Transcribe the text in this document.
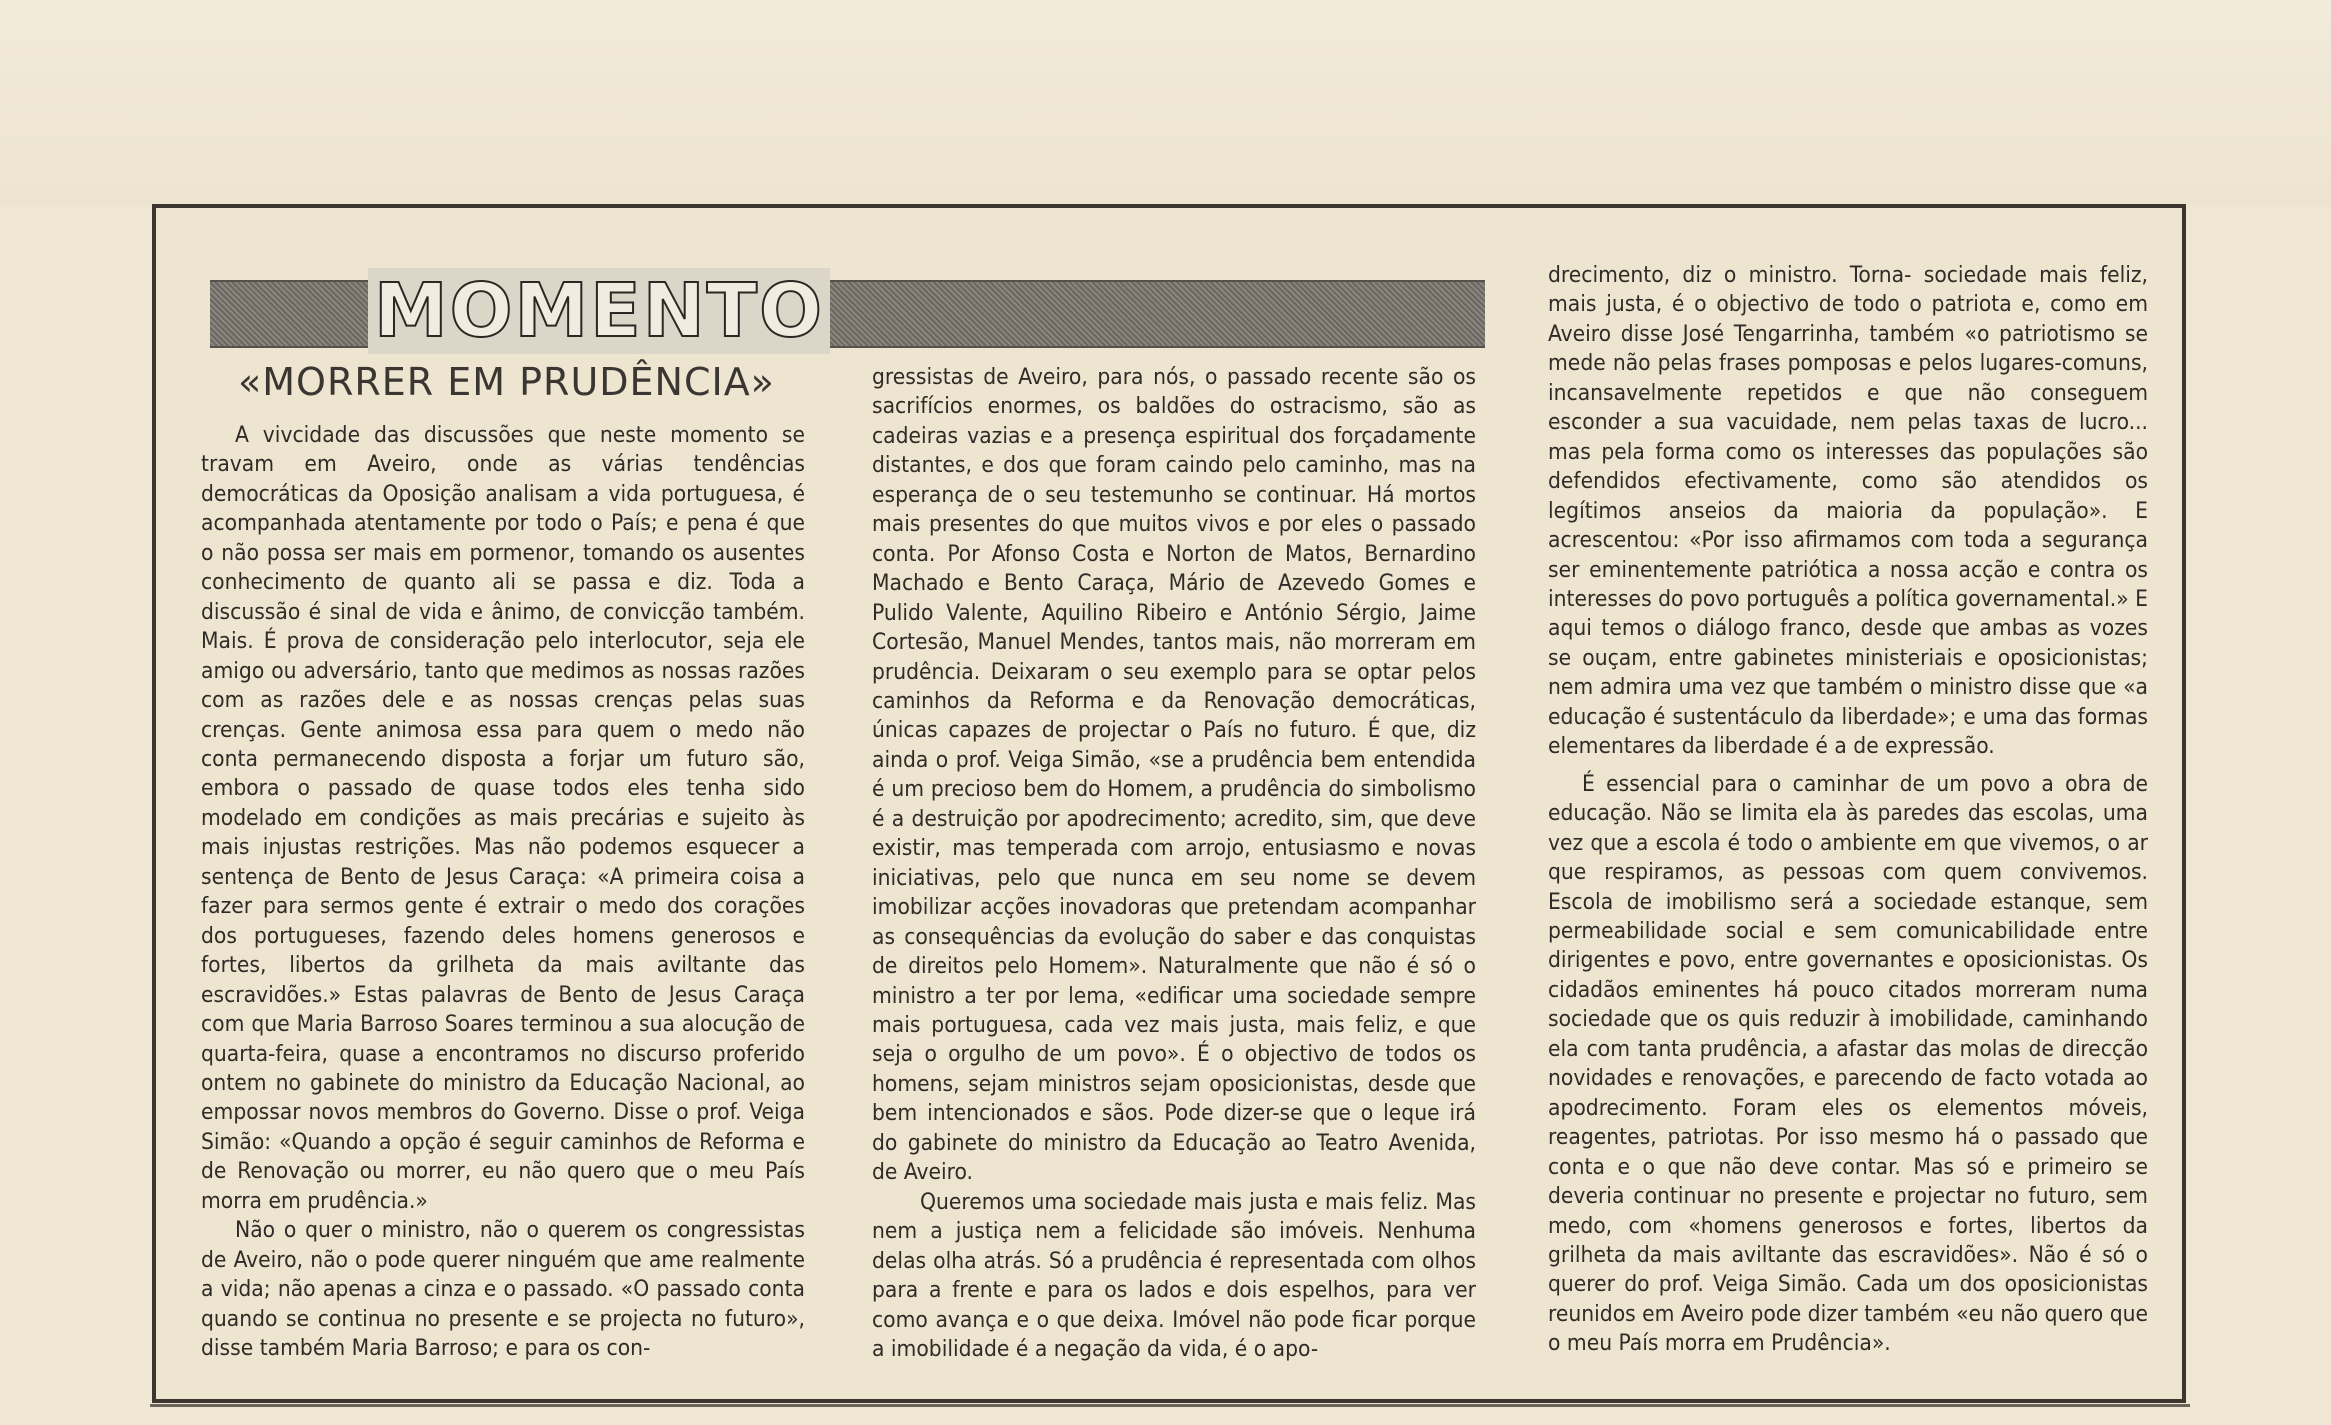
MOMENTO
«MORRER EM PRUDÊNCIA»

A vivcidade das discussões que neste momento se travam em Aveiro, onde as várias tendências democráticas da Oposição analisam a vida portuguesa, é acompanhada atentamente por todo o País; e pena é que o não possa ser mais em pormenor, tomando os ausentes conhecimento de quanto ali se passa e diz. Toda a discussão é sinal de vida e ânimo, de convicção também. Mais. É prova de consideração pelo interlocutor, seja ele amigo ou adversário, tanto que medimos as nossas razões com as razões dele e as nossas crenças pelas suas crenças. Gente animosa essa para quem o medo não conta permanecendo disposta a forjar um futuro são, embora o passado de quase todos eles tenha sido modelado em condições as mais precárias e sujeito às mais injustas restrições. Mas não podemos esquecer a sentença de Bento de Jesus Caraça: «A primeira coisa a fazer para sermos gente é extrair o medo dos corações dos portugueses, fazendo deles homens generosos e fortes, libertos da grilheta da mais aviltante das escravidões.» Estas palavras de Bento de Jesus Caraça com que Maria Barroso Soares terminou a sua alocução de quarta-feira, quase a encontramos no discurso proferido ontem no gabinete do ministro da Educação Nacional, ao empossar novos membros do Governo. Disse o prof. Veiga Simão: «Quando a opção é seguir caminhos de Reforma e de Renovação ou morrer, eu não quero que o meu País morra em prudência.»

Não o quer o ministro, não o querem os congressistas de Aveiro, não o pode querer ninguém que ame realmente a vida; não apenas a cinza e o passado. «O passado conta quando se continua no presente e se projecta no futuro», disse também Maria Barroso; e para os con-

gressistas de Aveiro, para nós, o passado recente são os sacrifícios enormes, os baldões do ostracismo, são as cadeiras vazias e a presença espiritual dos forçadamente distantes, e dos que foram caindo pelo caminho, mas na esperança de o seu testemunho se continuar. Há mortos mais presentes do que muitos vivos e por eles o passado conta. Por Afonso Costa e Norton de Matos, Bernardino Machado e Bento Caraça, Mário de Azevedo Gomes e Pulido Valente, Aquilino Ribeiro e António Sérgio, Jaime Cortesão, Manuel Mendes, tantos mais, não morreram em prudência. Deixaram o seu exemplo para se optar pelos caminhos da Reforma e da Renovação democráticas, únicas capazes de projectar o País no futuro. É que, diz ainda o prof. Veiga Simão, «se a prudência bem entendida é um precioso bem do Homem, a prudência do simbolismo é a destruição por apodrecimento; acredito, sim, que deve existir, mas temperada com arrojo, entusiasmo e novas iniciativas, pelo que nunca em seu nome se devem imobilizar acções inovadoras que pretendam acompanhar as consequências da evolução do saber e das conquistas de direitos pelo Homem». Naturalmente que não é só o ministro a ter por lema, «edificar uma sociedade sempre mais portuguesa, cada vez mais justa, mais feliz, e que seja o orgulho de um povo». É o objectivo de todos os homens, sejam ministros sejam oposicionistas, desde que bem intencionados e sãos. Pode dizer-se que o leque irá do gabinete do ministro da Educação ao Teatro Avenida, de Aveiro.

Queremos uma sociedade mais justa e mais feliz. Mas nem a justiça nem a felicidade são imóveis. Nenhuma delas olha atrás. Só a prudência é representada com olhos para a frente e para os lados e dois espelhos, para ver como avança e o que deixa. Imóvel não pode ficar porque a imobilidade é a negação da vida, é o apo-

drecimento, diz o ministro. Torna- sociedade mais feliz, mais justa, é o objectivo de todo o patriota e, como em Aveiro disse José Tengarrinha, também «o patriotismo se mede não pelas frases pomposas e pelos lugares-comuns, incansavelmente repetidos e que não conseguem esconder a sua vacuidade, nem pelas taxas de lucro... mas pela forma como os interesses das populações são defendidos efectivamente, como são atendidos os legítimos anseios da maioria da população». E acrescentou: «Por isso afirmamos com toda a segurança ser eminentemente patriótica a nossa acção e contra os interesses do povo português a política governamental.» E aqui temos o diálogo franco, desde que ambas as vozes se ouçam, entre gabinetes ministeriais e oposicionistas; nem admira uma vez que também o ministro disse que «a educação é sustentáculo da liberdade»; e uma das formas elementares da liberdade é a de expressão.

É essencial para o caminhar de um povo a obra de educação. Não se limita ela às paredes das escolas, uma vez que a escola é todo o ambiente em que vivemos, o ar que respiramos, as pessoas com quem convivemos. Escola de imobilismo será a sociedade estanque, sem permeabilidade social e sem comunicabilidade entre dirigentes e povo, entre governantes e oposicionistas. Os cidadãos eminentes há pouco citados morreram numa sociedade que os quis reduzir à imobilidade, caminhando ela com tanta prudência, a afastar das molas de direcção novidades e renovações, e parecendo de facto votada ao apodrecimento. Foram eles os elementos móveis, reagentes, patriotas. Por isso mesmo há o passado que conta e o que não deve contar. Mas só e primeiro se deveria continuar no presente e projectar no futuro, sem medo, com «homens generosos e fortes, libertos da grilheta da mais aviltante das escravidões». Não é só o querer do prof. Veiga Simão. Cada um dos oposicionistas reunidos em Aveiro pode dizer também «eu não quero que o meu País morra em Prudência».
